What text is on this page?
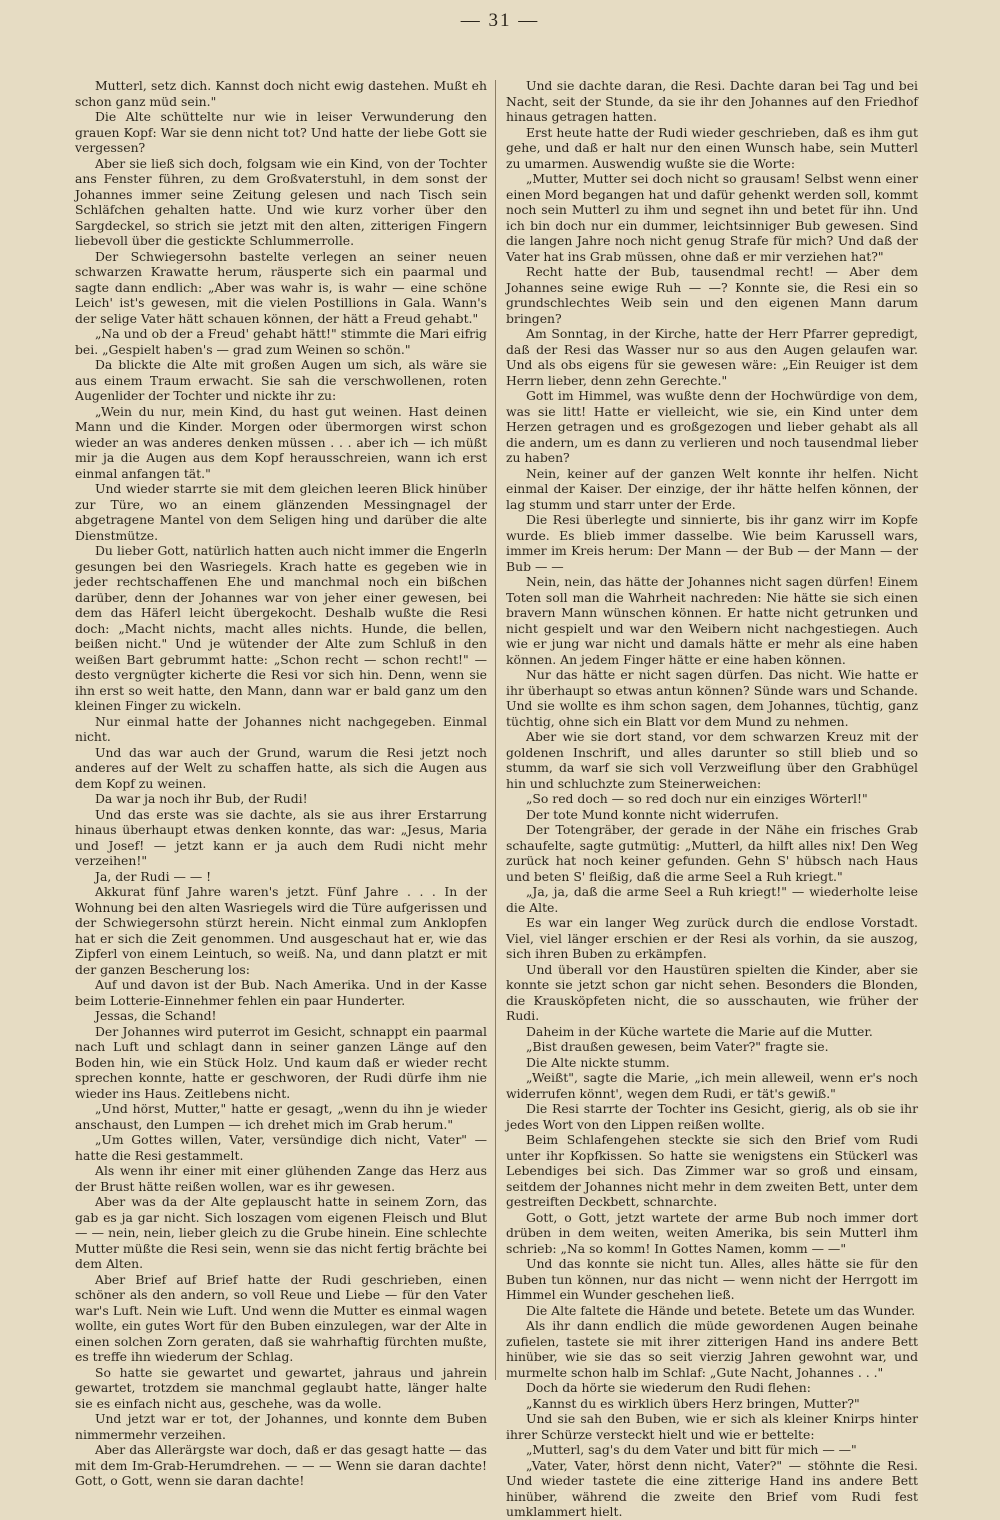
— 31 —

Mutterl, setz dich. Kannst doch nicht ewig dastehen. Mußt eh schon ganz müd sein."

Die Alte schüttelte nur wie in leiser Verwunderung den grauen Kopf: War sie denn nicht tot? Und hatte der liebe Gott sie vergessen?

Aber sie ließ sich doch, folgsam wie ein Kind, von der Tochter ans Fenster führen, zu dem Großvaterstuhl, in dem sonst der Johannes immer seine Zeitung gelesen und nach Tisch sein Schläfchen gehalten hatte. Und wie kurz vorher über den Sargdeckel, so strich sie jetzt mit den alten, zitterigen Fingern liebevoll über die gestickte Schlummerrolle.

Der Schwiegersohn bastelte verlegen an seiner neuen schwarzen Krawatte herum, räusperte sich ein paarmal und sagte dann endlich: „Aber was wahr is, is wahr — eine schöne Leich' ist's gewesen, mit die vielen Postillions in Gala. Wann's der selige Vater hätt schauen können, der hätt a Freud gehabt."

„Na und ob der a Freud' gehabt hätt!" stimmte die Mari eifrig bei. „Gespielt haben's — grad zum Weinen so schön."

Da blickte die Alte mit großen Augen um sich, als wäre sie aus einem Traum erwacht. Sie sah die verschwollenen, roten Augenlider der Tochter und nickte ihr zu:

„Wein du nur, mein Kind, du hast gut weinen. Hast deinen Mann und die Kinder. Morgen oder übermorgen wirst schon wieder an was anderes denken müssen . . . aber ich — ich müßt mir ja die Augen aus dem Kopf herausschreien, wann ich erst einmal anfangen tät."

Und wieder starrte sie mit dem gleichen leeren Blick hinüber zur Türe, wo an einem glänzenden Messingnagel der abgetragene Mantel von dem Seligen hing und darüber die alte Dienstmütze.

Du lieber Gott, natürlich hatten auch nicht immer die Engerln gesungen bei den Wasriegels. Krach hatte es gegeben wie in jeder rechtschaffenen Ehe und manchmal noch ein bißchen darüber, denn der Johannes war von jeher einer gewesen, bei dem das Häferl leicht übergekocht. Deshalb wußte die Resi doch: „Macht nichts, macht alles nichts. Hunde, die bellen, beißen nicht." Und je wütender der Alte zum Schluß in den weißen Bart gebrummt hatte: „Schon recht — schon recht!" — desto vergnügter kicherte die Resi vor sich hin. Denn, wenn sie ihn erst so weit hatte, den Mann, dann war er bald ganz um den kleinen Finger zu wickeln.

Nur einmal hatte der Johannes nicht nachgegeben. Einmal nicht.

Und das war auch der Grund, warum die Resi jetzt noch anderes auf der Welt zu schaffen hatte, als sich die Augen aus dem Kopf zu weinen.

Da war ja noch ihr Bub, der Rudi!

Und das erste was sie dachte, als sie aus ihrer Erstarrung hinaus überhaupt etwas denken konnte, das war: „Jesus, Maria und Josef! — jetzt kann er ja auch dem Rudi nicht mehr verzeihen!"

Ja, der Rudi — — !

Akkurat fünf Jahre waren's jetzt. Fünf Jahre . . . In der Wohnung bei den alten Wasriegels wird die Türe aufgerissen und der Schwiegersohn stürzt herein. Nicht einmal zum Anklopfen hat er sich die Zeit genommen. Und ausgeschaut hat er, wie das Zipferl von einem Leintuch, so weiß. Na, und dann platzt er mit der ganzen Bescherung los:

Auf und davon ist der Bub. Nach Amerika. Und in der Kasse beim Lotterie-Einnehmer fehlen ein paar Hunderter.

Jessas, die Schand!

Der Johannes wird puterrot im Gesicht, schnappt ein paarmal nach Luft und schlagt dann in seiner ganzen Länge auf den Boden hin, wie ein Stück Holz. Und kaum daß er wieder recht sprechen konnte, hatte er geschworen, der Rudi dürfe ihm nie wieder ins Haus. Zeitlebens nicht.

„Und hörst, Mutter," hatte er gesagt, „wenn du ihn je wieder anschaust, den Lumpen — ich drehet mich im Grab herum."

„Um Gottes willen, Vater, versündige dich nicht, Vater" — hatte die Resi gestammelt.

Als wenn ihr einer mit einer glühenden Zange das Herz aus der Brust hätte reißen wollen, war es ihr gewesen.

Aber was da der Alte geplauscht hatte in seinem Zorn, das gab es ja gar nicht. Sich loszagen vom eigenen Fleisch und Blut — — nein, nein, lieber gleich zu die Grube hinein. Eine schlechte Mutter müßte die Resi sein, wenn sie das nicht fertig brächte bei dem Alten.

Aber Brief auf Brief hatte der Rudi geschrieben, einen schöner als den andern, so voll Reue und Liebe — für den Vater war's Luft. Nein wie Luft. Und wenn die Mutter es einmal wagen wollte, ein gutes Wort für den Buben einzulegen, war der Alte in einen solchen Zorn geraten, daß sie wahrhaftig fürchten mußte, es treffe ihn wiederum der Schlag.

So hatte sie gewartet und gewartet, jahraus und jahrein gewartet, trotzdem sie manchmal geglaubt hatte, länger halte sie es einfach nicht aus, geschehe, was da wolle.

Und jetzt war er tot, der Johannes, und konnte dem Buben nimmermehr verzeihen.

Aber das Allerärgste war doch, daß er das gesagt hatte — das mit dem Im-Grab-Herumdrehen. — — — Wenn sie daran dachte! Gott, o Gott, wenn sie daran dachte!

Und sie dachte daran, die Resi. Dachte daran bei Tag und bei Nacht, seit der Stunde, da sie ihr den Johannes auf den Friedhof hinaus getragen hatten.

Erst heute hatte der Rudi wieder geschrieben, daß es ihm gut gehe, und daß er halt nur den einen Wunsch habe, sein Mutterl zu umarmen. Auswendig wußte sie die Worte:

„Mutter, Mutter sei doch nicht so grausam! Selbst wenn einer einen Mord begangen hat und dafür gehenkt werden soll, kommt noch sein Mutterl zu ihm und segnet ihn und betet für ihn. Und ich bin doch nur ein dummer, leichtsinniger Bub gewesen. Sind die langen Jahre noch nicht genug Strafe für mich? Und daß der Vater hat ins Grab müssen, ohne daß er mir verziehen hat?"

Recht hatte der Bub, tausendmal recht! — Aber dem Johannes seine ewige Ruh — —? Konnte sie, die Resi ein so grundschlechtes Weib sein und den eigenen Mann darum bringen?

Am Sonntag, in der Kirche, hatte der Herr Pfarrer gepredigt, daß der Resi das Wasser nur so aus den Augen gelaufen war. Und als obs eigens für sie gewesen wäre: „Ein Reuiger ist dem Herrn lieber, denn zehn Gerechte."

Gott im Himmel, was wußte denn der Hochwürdige von dem, was sie litt! Hatte er vielleicht, wie sie, ein Kind unter dem Herzen getragen und es großgezogen und lieber gehabt als all die andern, um es dann zu verlieren und noch tausendmal lieber zu haben?

Nein, keiner auf der ganzen Welt konnte ihr helfen. Nicht einmal der Kaiser. Der einzige, der ihr hätte helfen können, der lag stumm und starr unter der Erde.

Die Resi überlegte und sinnierte, bis ihr ganz wirr im Kopfe wurde. Es blieb immer dasselbe. Wie beim Karussell wars, immer im Kreis herum: Der Mann — der Bub — der Mann — der Bub — —

Nein, nein, das hätte der Johannes nicht sagen dürfen! Einem Toten soll man die Wahrheit nachreden: Nie hätte sie sich einen bravern Mann wünschen können. Er hatte nicht getrunken und nicht gespielt und war den Weibern nicht nachgestiegen. Auch wie er jung war nicht und damals hätte er mehr als eine haben können. An jedem Finger hätte er eine haben können.

Nur das hätte er nicht sagen dürfen. Das nicht. Wie hatte er ihr überhaupt so etwas antun können? Sünde wars und Schande. Und sie wollte es ihm schon sagen, dem Johannes, tüchtig, ganz tüchtig, ohne sich ein Blatt vor dem Mund zu nehmen.

Aber wie sie dort stand, vor dem schwarzen Kreuz mit der goldenen Inschrift, und alles darunter so still blieb und so stumm, da warf sie sich voll Verzweiflung über den Grabhügel hin und schluchzte zum Steinerweichen:

„So red doch — so red doch nur ein einziges Wörterl!"

Der tote Mund konnte nicht widerrufen.

Der Totengräber, der gerade in der Nähe ein frisches Grab schaufelte, sagte gutmütig: „Mutterl, da hilft alles nix! Den Weg zurück hat noch keiner gefunden. Gehn S' hübsch nach Haus und beten S' fleißig, daß die arme Seel a Ruh kriegt."

„Ja, ja, daß die arme Seel a Ruh kriegt!" — wiederholte leise die Alte.

Es war ein langer Weg zurück durch die endlose Vorstadt. Viel, viel länger erschien er der Resi als vorhin, da sie auszog, sich ihren Buben zu erkämpfen.

Und überall vor den Haustüren spielten die Kinder, aber sie konnte sie jetzt schon gar nicht sehen. Besonders die Blonden, die Krausköpfeten nicht, die so ausschauten, wie früher der Rudi.

Daheim in der Küche wartete die Marie auf die Mutter.

„Bist draußen gewesen, beim Vater?" fragte sie.

Die Alte nickte stumm.

„Weißt", sagte die Marie, „ich mein alleweil, wenn er's noch widerrufen könnt', wegen dem Rudi, er tät's gewiß."

Die Resi starrte der Tochter ins Gesicht, gierig, als ob sie ihr jedes Wort von den Lippen reißen wollte.

Beim Schlafengehen steckte sie sich den Brief vom Rudi unter ihr Kopfkissen. So hatte sie wenigstens ein Stückerl was Lebendiges bei sich. Das Zimmer war so groß und einsam, seitdem der Johannes nicht mehr in dem zweiten Bett, unter dem gestreiften Deckbett, schnarchte.

Gott, o Gott, jetzt wartete der arme Bub noch immer dort drüben in dem weiten, weiten Amerika, bis sein Mutterl ihm schrieb: „Na so komm! In Gottes Namen, komm — —"

Und das konnte sie nicht tun. Alles, alles hätte sie für den Buben tun können, nur das nicht — wenn nicht der Herrgott im Himmel ein Wunder geschehen ließ.

Die Alte faltete die Hände und betete. Betete um das Wunder.

Als ihr dann endlich die müde gewordenen Augen beinahe zufielen, tastete sie mit ihrer zitterigen Hand ins andere Bett hinüber, wie sie das so seit vierzig Jahren gewohnt war, und murmelte schon halb im Schlaf: „Gute Nacht, Johannes . . ."

Doch da hörte sie wiederum den Rudi flehen:

„Kannst du es wirklich übers Herz bringen, Mutter?"

Und sie sah den Buben, wie er sich als kleiner Knirps hinter ihrer Schürze versteckt hielt und wie er bettelte:

„Mutterl, sag's du dem Vater und bitt für mich — —"

„Vater, Vater, hörst denn nicht, Vater?" — stöhnte die Resi. Und wieder tastete die eine zitterige Hand ins andere Bett hinüber, während die zweite den Brief vom Rudi fest umklammert hielt.
